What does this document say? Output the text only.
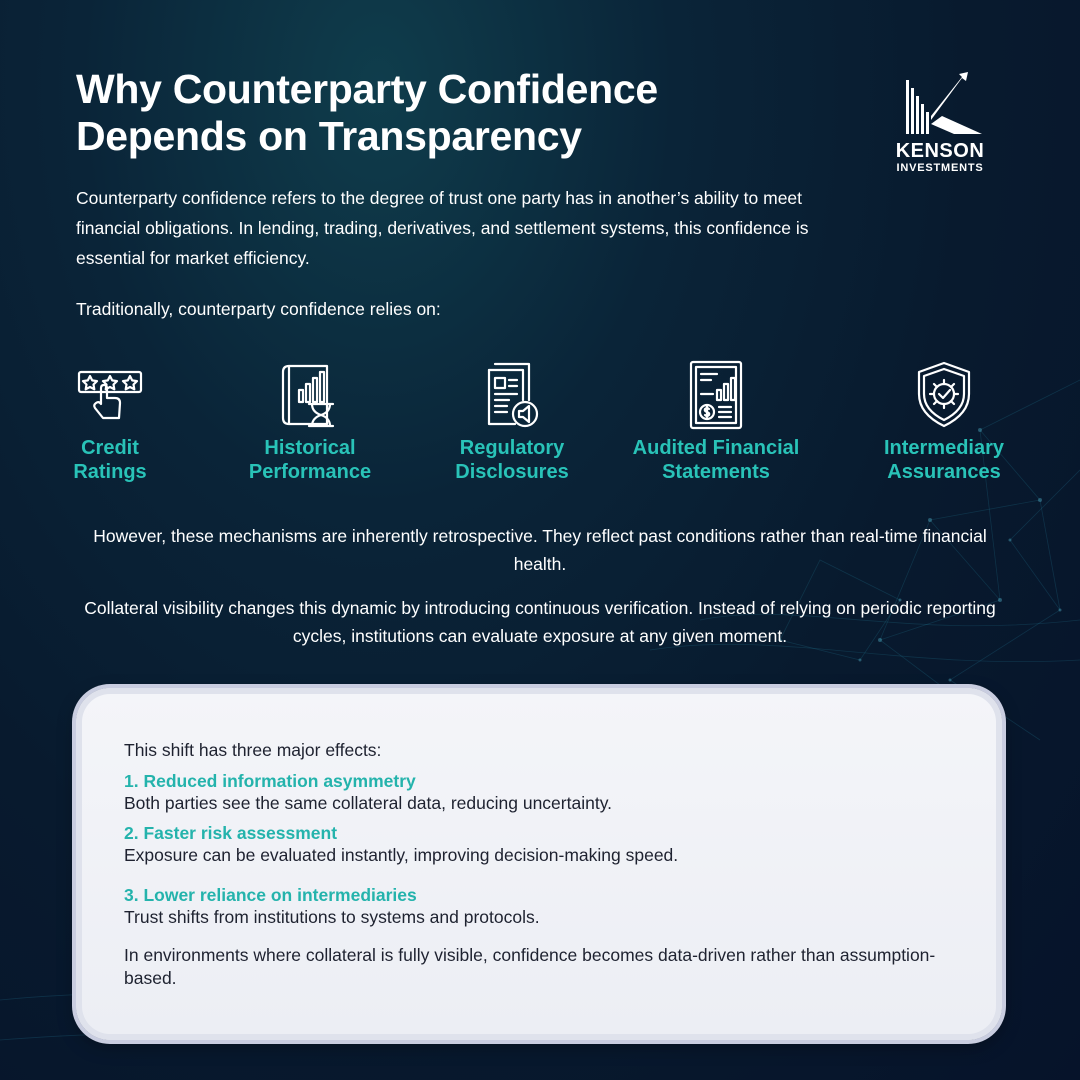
Why Counterparty Confidence
Depends on Transparency	KENSON
INVESTMENTS

Counterparty confidence refers to the degree of trust one party has in another’s ability to meet financial obligations. In lending, trading, derivatives, and settlement systems, this confidence is essential for market efficiency.

Traditionally, counterparty confidence relies on:

Credit
Ratings
Historical
Performance
Regulatory
Disclosures
Audited Financial
Statements
Intermediary
Assurances

However, these mechanisms are inherently retrospective. They reflect past conditions rather than real-time financial health.

Collateral visibility changes this dynamic by introducing continuous verification. Instead of relying on periodic reporting cycles, institutions can evaluate exposure at any given moment.

This shift has three major effects:

1. Reduced information asymmetry
Both parties see the same collateral data, reducing uncertainty.
2. Faster risk assessment
Exposure can be evaluated instantly, improving decision-making speed.
3. Lower reliance on intermediaries
Trust shifts from institutions to systems and protocols.

In environments where collateral is fully visible, confidence becomes data-driven rather than assumption-based.
